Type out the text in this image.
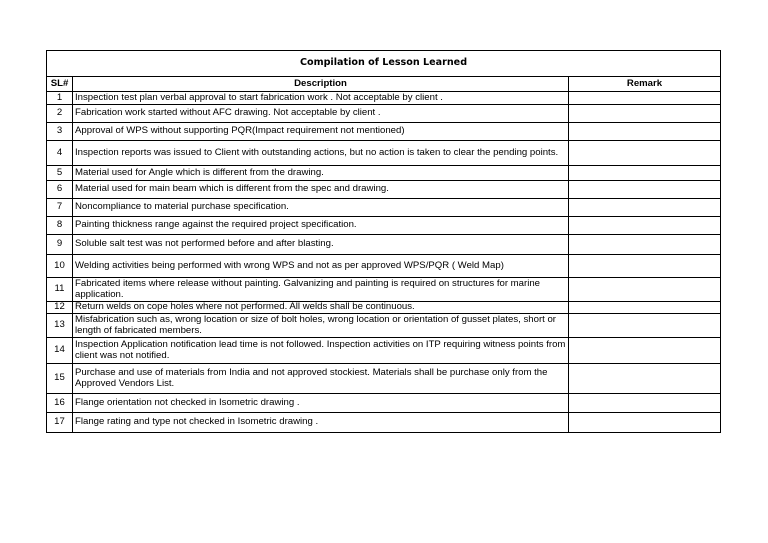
Compilation of Lesson Learned		
SL#	Description	Remark
1	Inspection test plan verbal approval to start fabrication work . Not acceptable by client .	
2	Fabrication work started without AFC drawing. Not acceptable by client .	
3	Approval of WPS without supporting PQR(Impact requirement not mentioned)	
4	Inspection reports was issued to Client with outstanding actions, but no action is taken to clear the pending points.	
5	Material used for Angle which is different from the drawing.	
6	Material used for main beam which is different from the spec and drawing.	
7	Noncompliance to material purchase specification.	
8	Painting thickness range against the required project specification.	
9	Soluble salt test was not performed before and after blasting.	
10	Welding activities being performed with wrong WPS and not as per approved WPS/PQR ( Weld Map)	
11	Fabricated items where release without painting. Galvanizing and painting is required on structures for marine application.	
12	Return welds on cope holes where not performed. All welds shall be continuous.	
13	Misfabrication such as, wrong location or size of bolt holes, wrong location or orientation of gusset plates, short or length of fabricated members.	
14	Inspection Application notification lead time is not followed. Inspection activities on ITP requiring witness points from client was not notified.	
15	Purchase and use of materials from India and not approved stockiest. Materials shall be purchase only from the Approved Vendors List.	
16	Flange orientation not checked in Isometric drawing .	
17	Flange rating and type not checked in Isometric drawing .	
